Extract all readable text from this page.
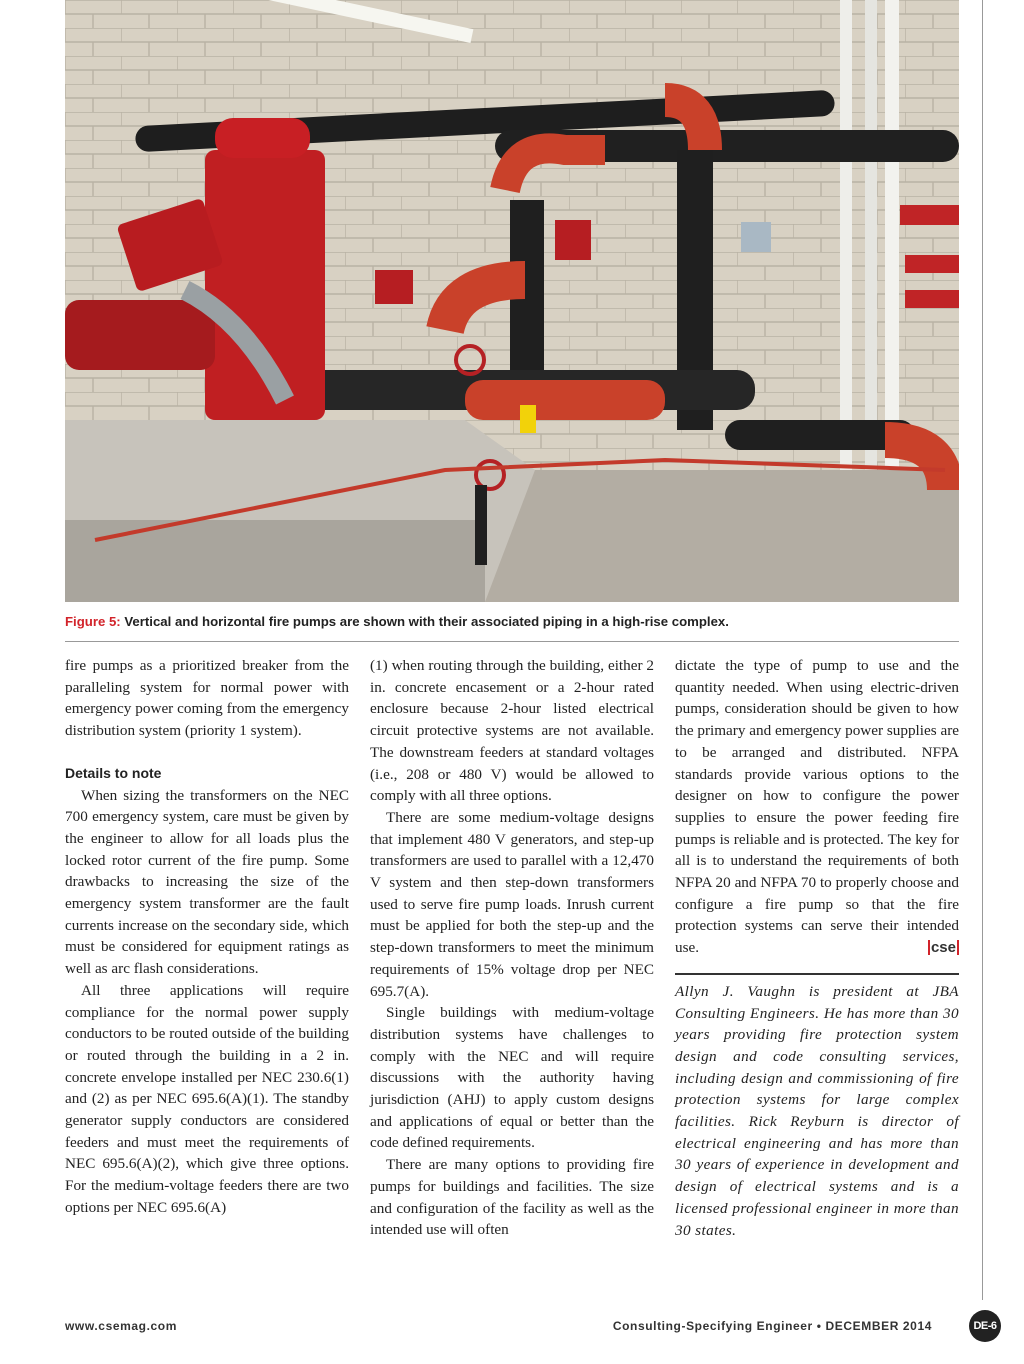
Figure 5: Vertical and horizontal fire pumps are shown with their associated piping in a high-rise complex.

fire pumps as a prioritized breaker from the paralleling system for normal power with emergency power coming from the emergency distribution system (priority 1 system).

Details to note

When sizing the transformers on the NEC 700 emergency system, care must be given by the engineer to allow for all loads plus the locked rotor current of the fire pump. Some drawbacks to increasing the size of the emergency system transformer are the fault currents increase on the secondary side, which must be considered for equipment ratings as well as arc flash considerations.

All three applications will require compliance for the normal power supply conductors to be routed outside of the building or routed through the building in a 2 in. concrete envelope installed per NEC 230.6(1) and (2) as per NEC 695.6(A)(1). The standby generator supply conductors are considered feeders and must meet the requirements of NEC 695.6(A)(2), which give three options. For the medium-voltage feeders there are two options per NEC 695.6(A)

(1) when routing through the building, either 2 in. concrete encasement or a 2-hour rated enclosure because 2-hour listed electrical circuit protective systems are not available. The downstream feeders at standard voltages (i.e., 208 or 480 V) would be allowed to comply with all three options.

There are some medium-voltage designs that implement 480 V generators, and step-up transformers are used to parallel with a 12,470 V system and then step-down transformers used to serve fire pump loads. Inrush current must be applied for both the step-up and the step-down transformers to meet the minimum requirements of 15% voltage drop per NEC 695.7(A).

Single buildings with medium-voltage distribution systems have challenges to comply with the NEC and will require discussions with the authority having jurisdiction (AHJ) to apply custom designs and applications of equal or better than the code defined requirements.

There are many options to providing fire pumps for buildings and facilities. The size and configuration of the facility as well as the intended use will often

dictate the type of pump to use and the quantity needed. When using electric-driven pumps, consideration should be given to how the primary and emergency power supplies are to be arranged and distributed. NFPA standards provide various options to the designer on how to configure the power supplies to ensure the power feeding fire pumps is reliable and is protected. The key for all is to understand the requirements of both NFPA 20 and NFPA 70 to properly choose and configure a fire pump so that the fire protection systems can serve their intended use.	cse

Allyn J. Vaughn is president at JBA Consulting Engineers. He has more than 30 years providing fire protection system design and code consulting services, including design and commissioning of fire protection systems for large complex facilities. Rick Reyburn is director of electrical engineering and has more than 30 years of experience in development and design of electrical systems and is a licensed professional engineer in more than 30 states.

www.csemag.com	Consulting-Specifying Engineer • DECEMBER 2014	DE-6
